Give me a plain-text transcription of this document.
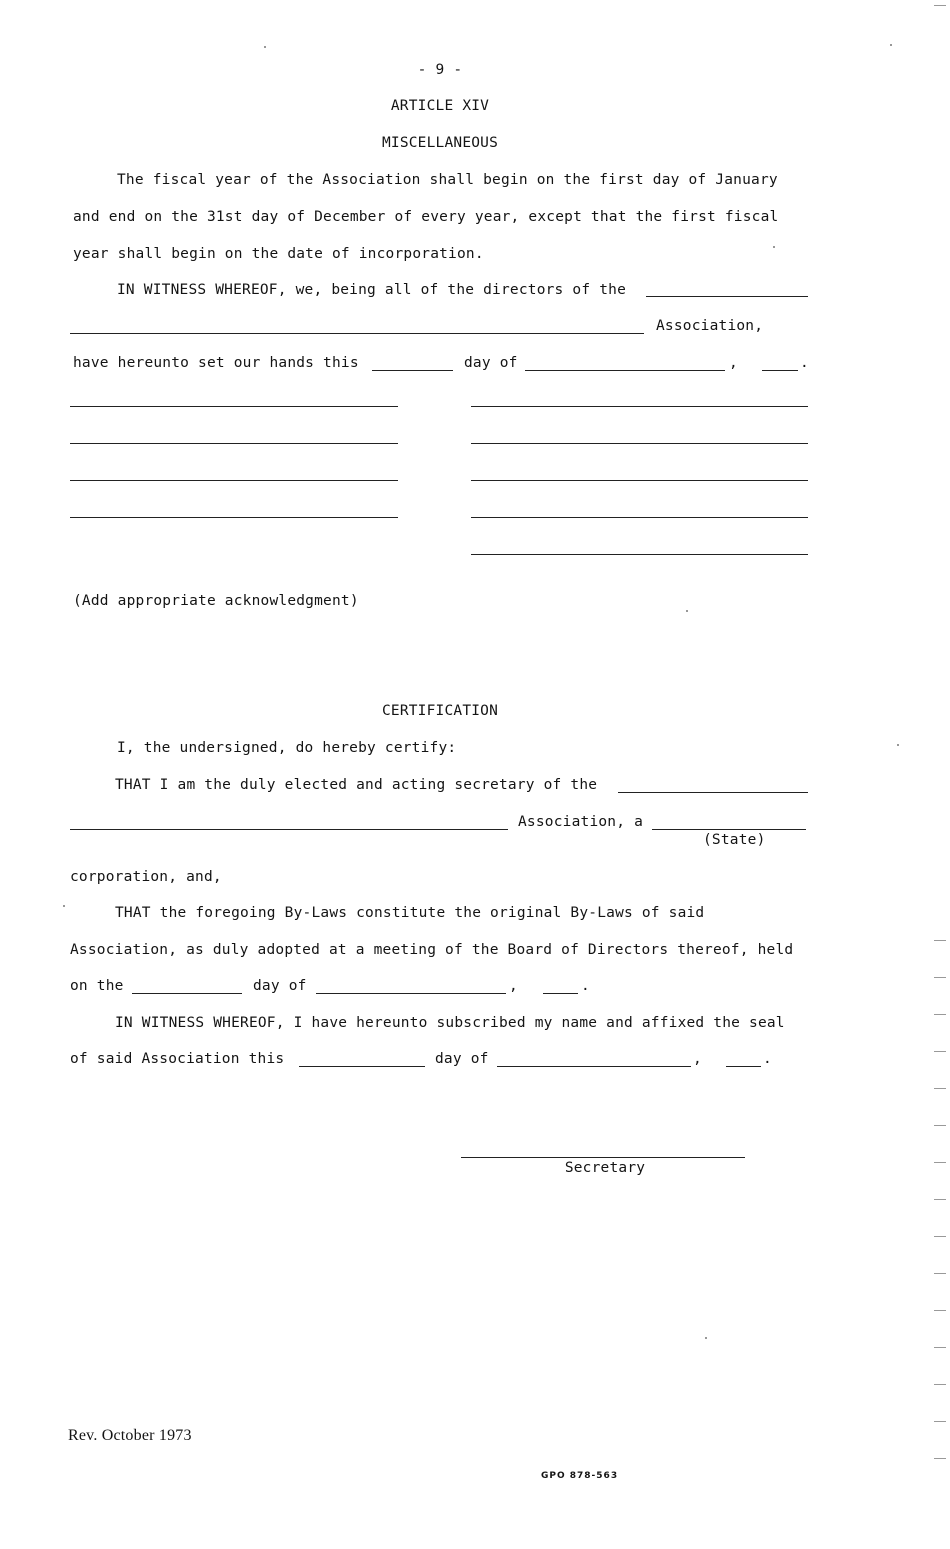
- 9 -
ARTICLE XIV
MISCELLANEOUS
The fiscal year of the Association shall begin on the first day of January
and end on the 31st day of December of every year, except that the first fiscal
year shall begin on the date of incorporation.
IN WITNESS WHEREOF, we, being all of the directors of the
Association,
have hereunto set our hands this	day of	,	.
(Add appropriate acknowledgment)
CERTIFICATION
I, the undersigned, do hereby certify:
THAT I am the duly elected and acting secretary of the
Association, a
(State)
corporation, and,
THAT the foregoing By-Laws constitute the original By-Laws of said
Association, as duly adopted at a meeting of the Board of Directors thereof, held
on the	day of	,	.
IN WITNESS WHEREOF, I have hereunto subscribed my name and affixed the seal
of said Association this	day of	,	.
Secretary
Rev. October 1973
GPO 878-563
